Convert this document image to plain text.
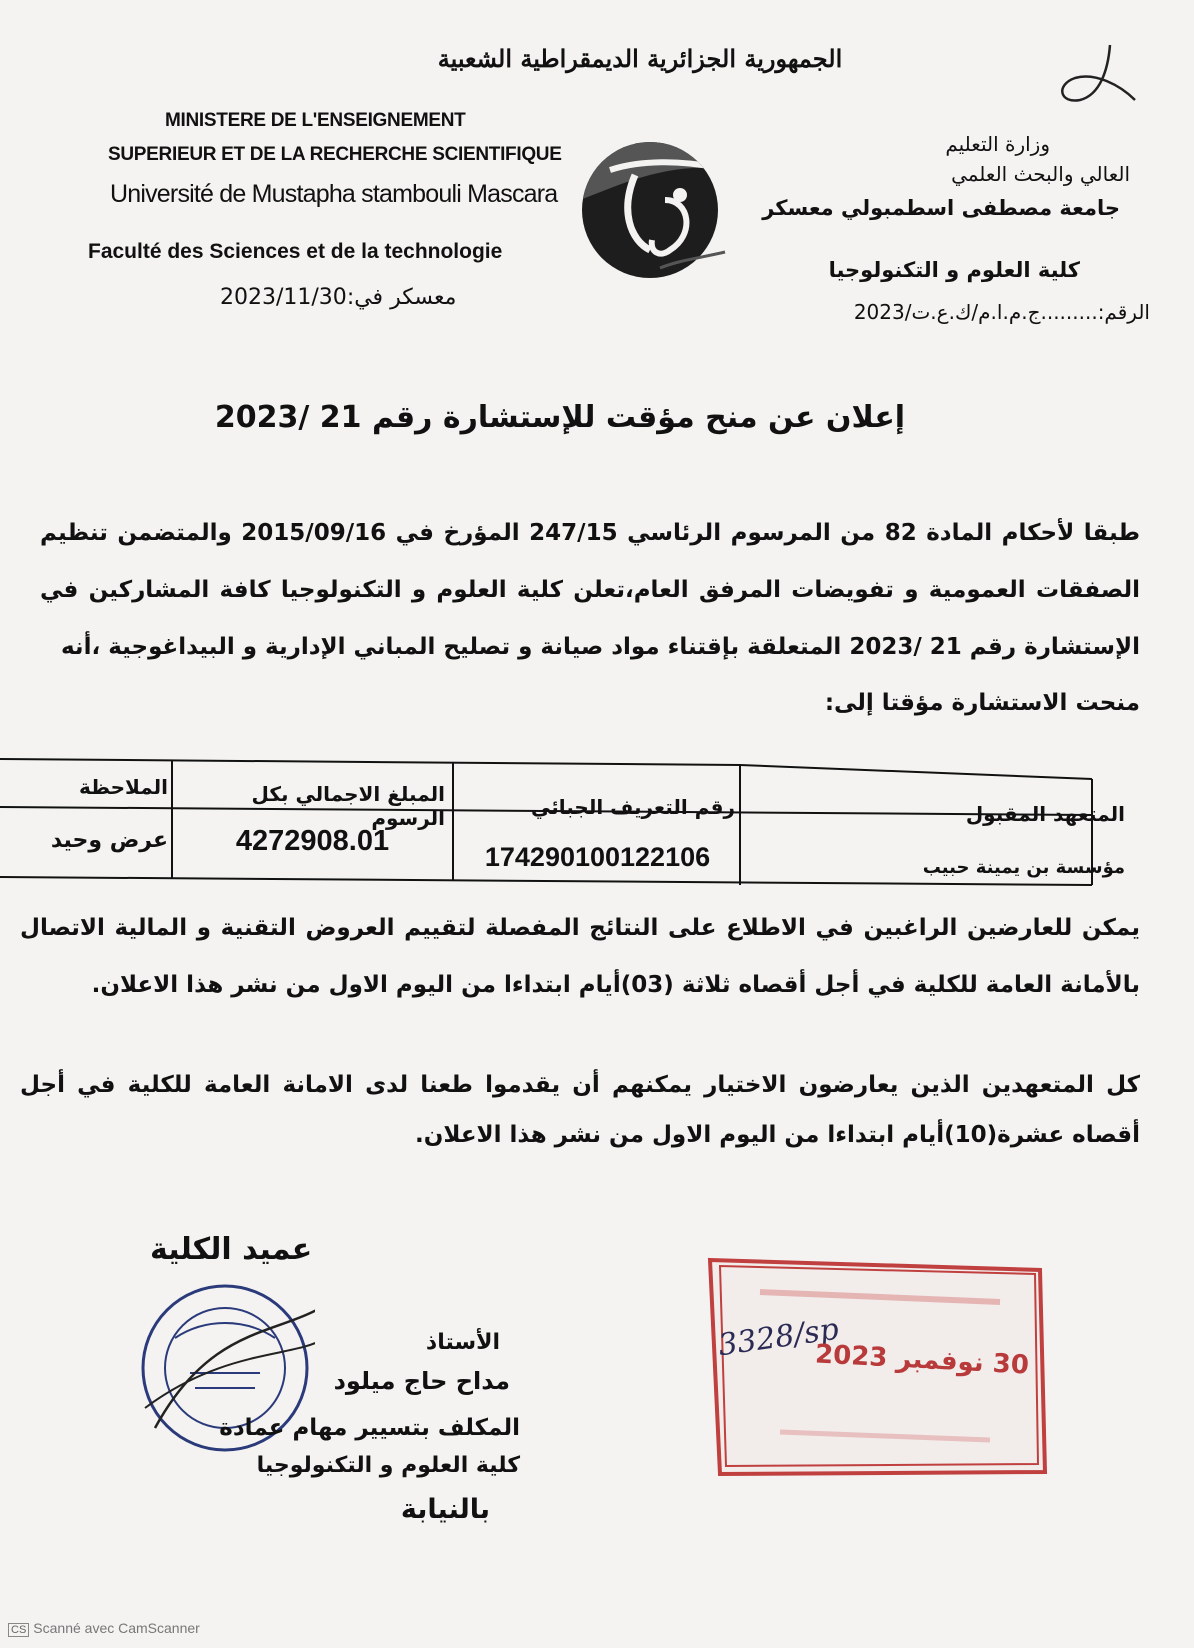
الجمهورية الجزائرية الديمقراطية الشعبية
MINISTERE DE L'ENSEIGNEMENT
SUPERIEUR ET DE LA RECHERCHE SCIENTIFIQUE
Université de Mustapha stambouli Mascara
Faculté des Sciences et de la technologie
معسكر في:2023/11/30
وزارة التعليم
العالي والبحث العلمي
جامعة مصطفى اسطمبولي معسكر
كلية العلوم و التكنولوجيا
الرقم:.........ج.م.ا.م/ك.ع.ت/2023
إعلان عن منح مؤقت للإستشارة رقم 21 /2023
طبقا لأحكام المادة 82 من المرسوم الرئاسي 247/15 المؤرخ في 2015/09/16 والمتضمن تنظيم الصفقات العمومية و تفويضات المرفق العام،تعلن كلية العلوم و التكنولوجيا كافة المشاركين في الإستشارة رقم 21 /2023 المتعلقة بإقتناء مواد صيانة و تصليح المباني الإدارية و البيداغوجية ،أنه
منحت الاستشارة مؤقتا إلى:
المتعهد المقبول
رقم التعريف الجبائي
المبلغ الاجمالي بكل الرسوم
الملاحظة
مؤسسة بن يمينة حبيب
174290100122106
4272908.01
عرض وحيد
يمكن للعارضين الراغبين في الاطلاع على النتائج المفصلة لتقييم العروض التقنية و المالية الاتصال بالأمانة العامة للكلية في أجل أقصاه ثلاثة (03)أيام ابتداءا من اليوم الاول من نشر هذا الاعلان.
كل المتعهدين الذين يعارضون الاختيار يمكنهم أن يقدموا طعنا لدى الامانة العامة للكلية في أجل أقصاه عشرة(10)أيام ابتداءا من اليوم الاول من نشر هذا الاعلان.
عميد الكلية
الأستاذ
مداح حاج ميلود
المكلف بتسيير مهام عمادة
كلية العلوم و التكنولوجيا
بالنيابة
3328/sp
30 نوفمبر 2023
CS Scanné avec CamScanner
